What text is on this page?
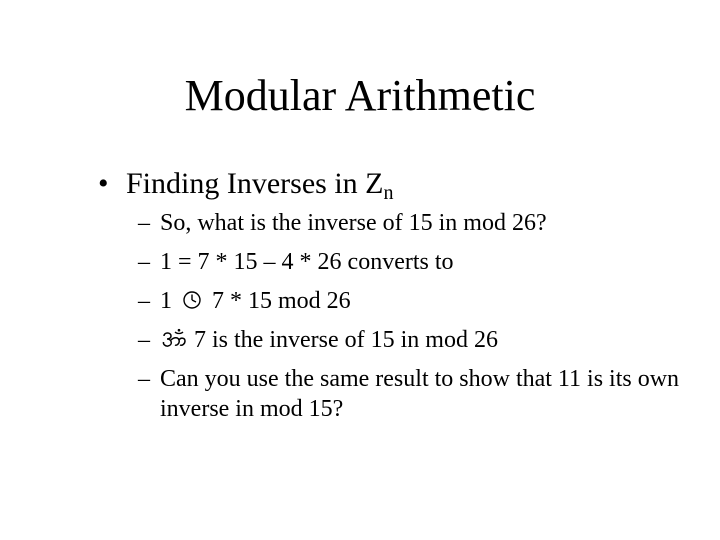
Modular Arithmetic
• Finding Inverses in $Z_n$
– So, what is the inverse of 15 in mod 26?
– 1 = 7 * 15 – 4 * 26 converts to
– 1 7 * 15 mod 26
–	7 is the inverse of 15 in mod 26
– Can you use the same result to show that 11 is its own inverse in mod 15?
